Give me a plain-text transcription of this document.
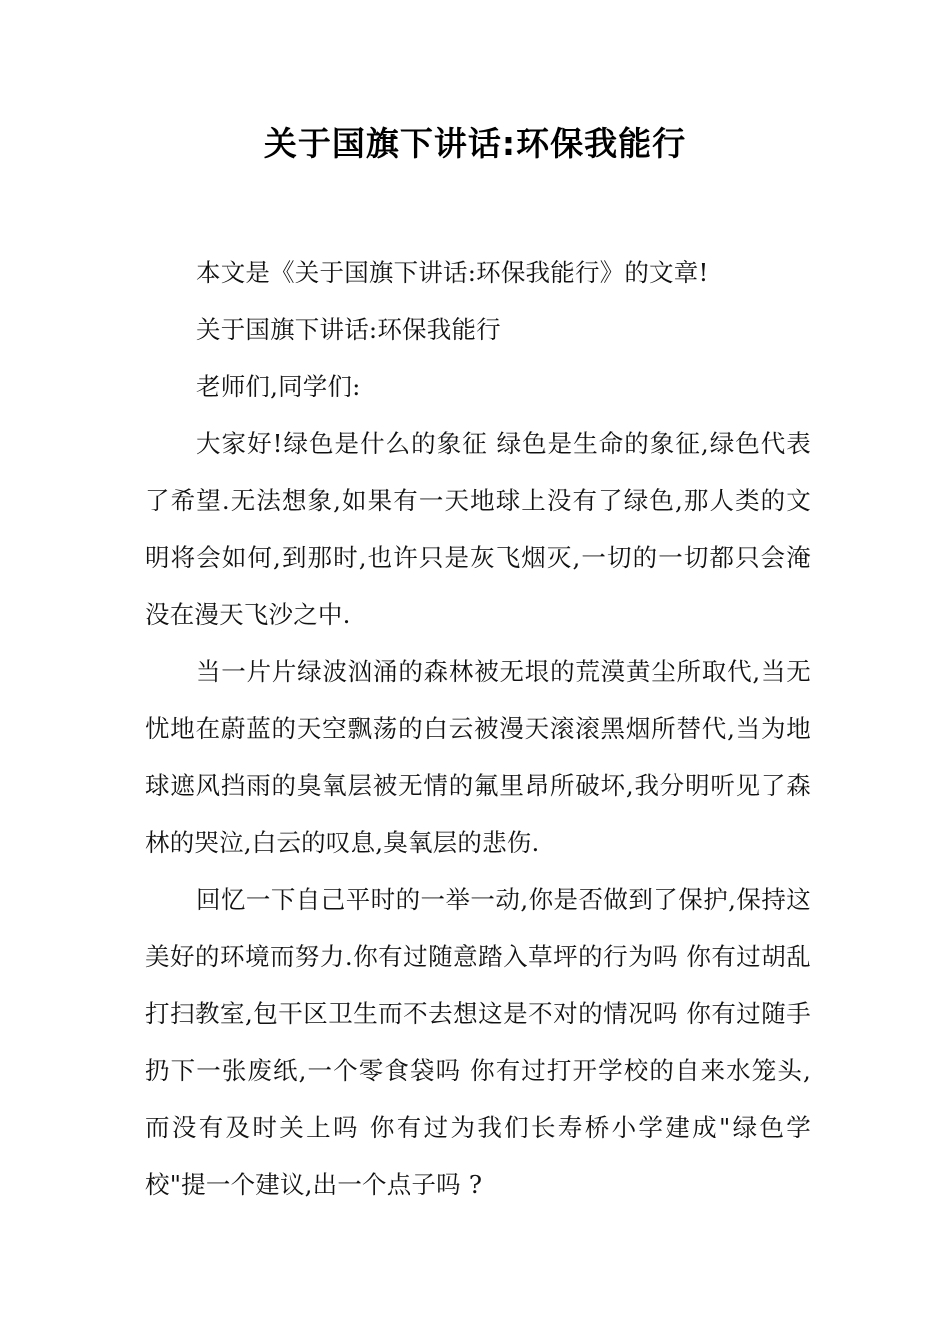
关于国旗下讲话:环保我能行

本文是《关于国旗下讲话:环保我能行》的文章!

关于国旗下讲话:环保我能行

老师们,同学们:

大家好!绿色是什么的象征 绿色是生命的象征,绿色代表了希望.无法想象,如果有一天地球上没有了绿色,那人类的文明将会如何,到那时,也许只是灰飞烟灭,一切的一切都只会淹没在漫天飞沙之中.

当一片片绿波汹涌的森林被无垠的荒漠黄尘所取代,当无忧地在蔚蓝的天空飘荡的白云被漫天滚滚黑烟所替代,当为地球遮风挡雨的臭氧层被无情的氟里昂所破坏,我分明听见了森林的哭泣,白云的叹息,臭氧层的悲伤.

回忆一下自己平时的一举一动,你是否做到了保护,保持这美好的环境而努力.你有过随意踏入草坪的行为吗 你有过胡乱打扫教室,包干区卫生而不去想这是不对的情况吗 你有过随手扔下一张废纸,一个零食袋吗 你有过打开学校的自来水笼头,而没有及时关上吗 你有过为我们长寿桥小学建成"绿色学校"提一个建议,出一个点子吗 ?
